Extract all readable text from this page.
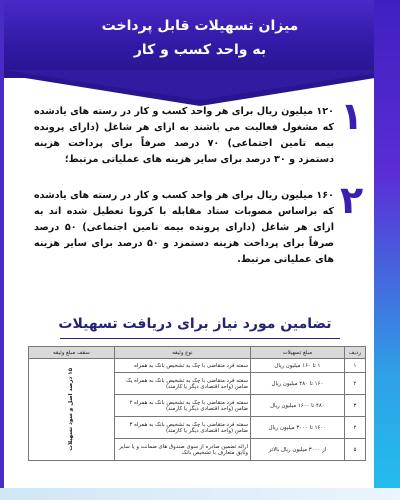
میزان تسهیلات قابل پرداخت
به واحد کسب و کار
۱
۱۲۰ میلیون ریال برای هر واحد کسب و کار در رسته های یادشده که مشغول فعالیت می باشند به ازای هر شاغل (دارای پرونده بیمه تامین اجتماعی) ۷۰ درصد صرفاً برای پرداخت هزینه دستمزد و ۳۰ درصد برای سایر هزینه های عملیاتی مرتبط؛
۲
۱۶۰ میلیون ریال برای هر واحد کسب و کار در رسته های یادشده که براساس مصوبات ستاد مقابله با کرونا تعطیل شده اند به ازای هر شاغل (دارای پرونده بیمه تامین اجتماعی) ۵۰ درصد صرفاً برای پرداخت هزینه دستمزد و ۵۰ درصد برای سایر هزینه های عملیاتی مرتبط.
تضامین مورد نیاز برای دریافت تسهیلات
ردیف	مبلغ تسهیلات	نوع وثیقه	سقف مبلغ وثیقه
۱	۱ تا ۱۶۰ میلیون ریال	سفته فرد متقاضی با چک به تشخیص بانک به همراه	۱۵ درصد اصل و سود تسهیلات

۲	۱۶۰ تا ۴۸۰ میلیون ریال	سفته فرد متقاضی با چک به تشخیص بانک به همراه یک ضامن (واحد اقتصادی دیگر یا کارمند)	
۳	۴۸۰ تا ۱۶۰۰ میلیون ریال	سفته فرد متقاضی با چک به تشخیص بانک به همراه ۲ ضامن (واحد اقتصادی دیگر یا کارمند)	
۴	۱۶۰۰ تا ۳۰۰۰ میلیون ریال	سفته فرد متقاضی با چک به تشخیص بانک به همراه ۳ ضامن (واحد اقتصادی دیگر یا کارمند)	
۵	از ۳۰۰۰ میلیون ریال بالاتر	ارائه تضمین صادره از سوی صندوق های ضمانت و یا سایر وثایق متعارف با تشخیص بانک	
